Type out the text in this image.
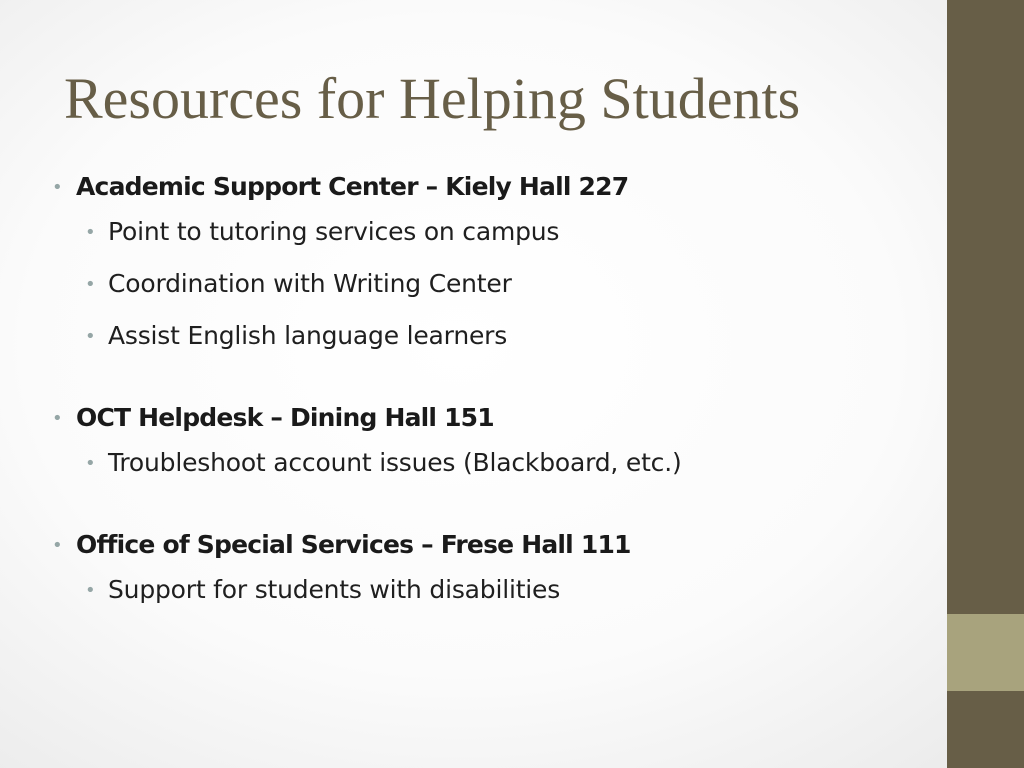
Resources for Helping Students
• Academic Support Center – Kiely Hall 227
• Point to tutoring services on campus
• Coordination with Writing Center
• Assist English language learners
• OCT Helpdesk – Dining Hall 151
• Troubleshoot account issues (Blackboard, etc.)
• Office of Special Services – Frese Hall 111
• Support for students with disabilities
